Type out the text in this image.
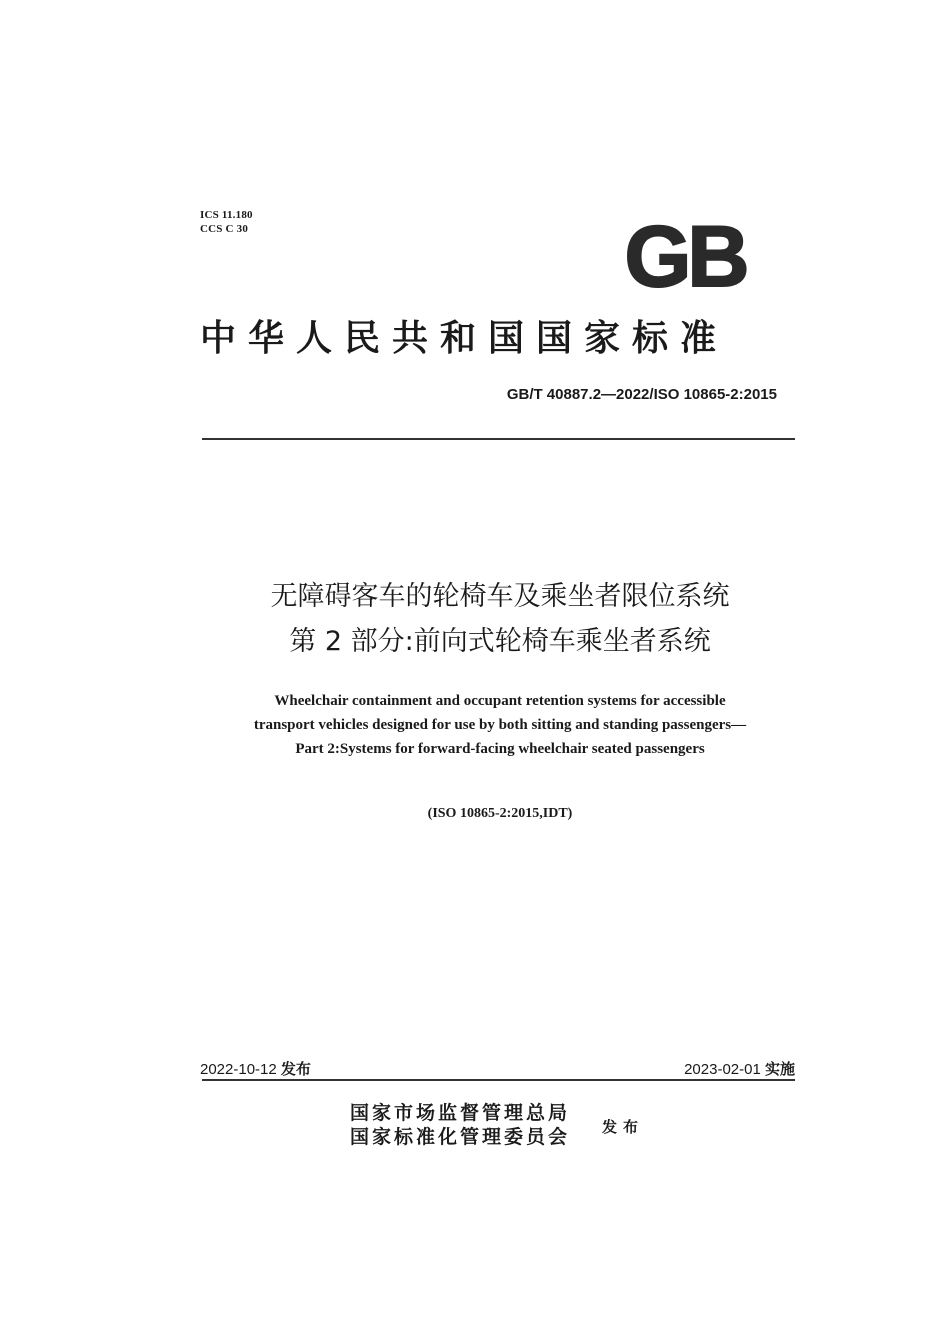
ICS 11.180
CCS C 30	GB
中华人民共和国国家标准
GB/T 40887.2—2022/ISO 10865-2:2015
无障碍客车的轮椅车及乘坐者限位系统
第 2 部分:前向式轮椅车乘坐者系统
Wheelchair containment and occupant retention systems for accessible
transport vehicles designed for use by both sitting and standing passengers—
Part 2:Systems for forward-facing wheelchair seated passengers
(ISO 10865-2:2015,IDT)
2022-10-12 发布	2023-02-01 实施
国家市场监督管理总局
国家标准化管理委员会 发布
